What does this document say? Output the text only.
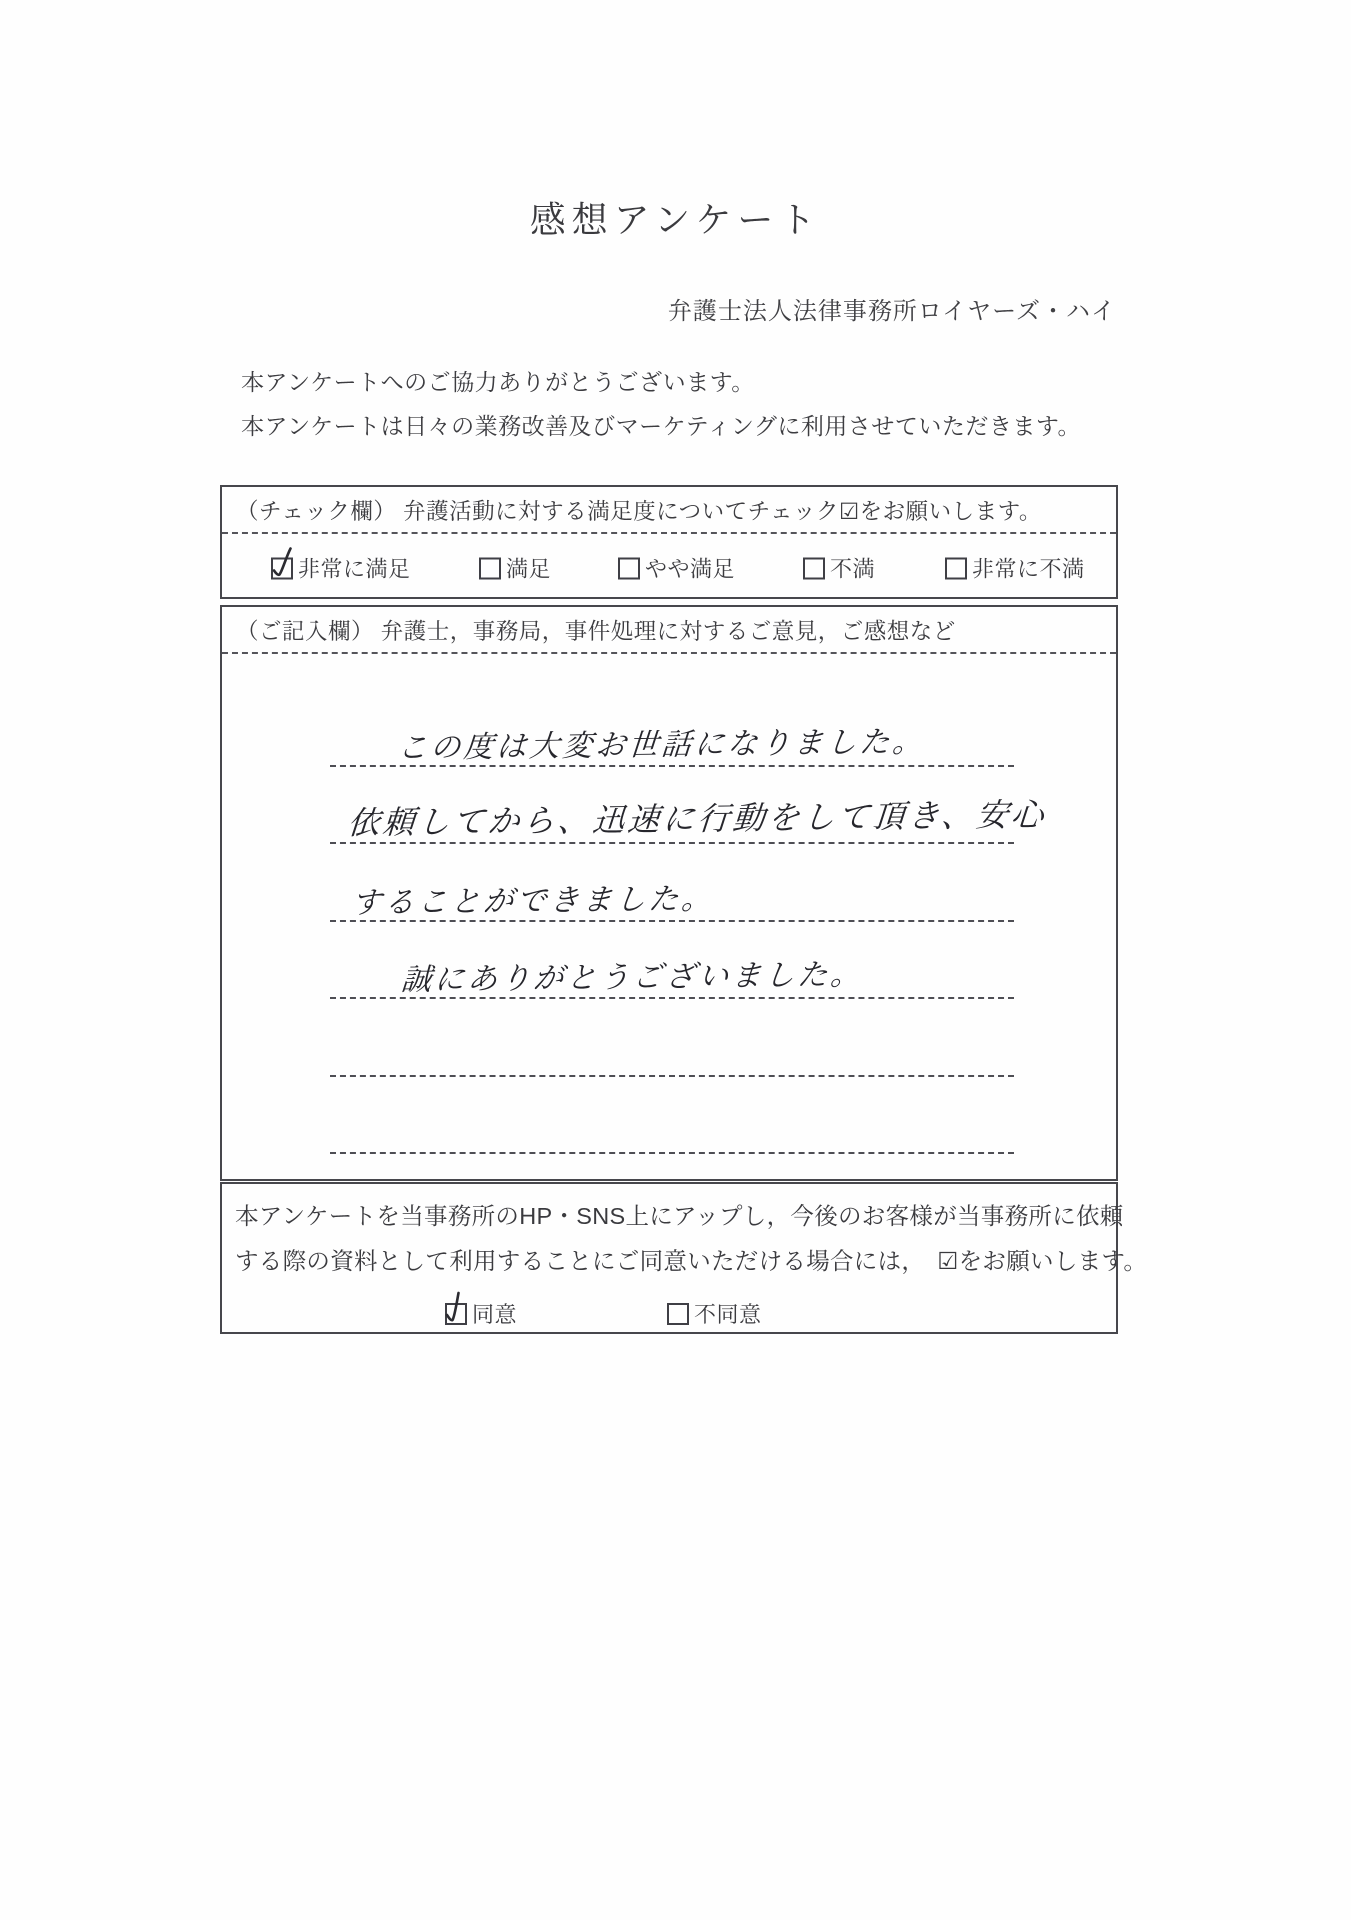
感想アンケート
弁護士法人法律事務所ロイヤーズ・ハイ
本アンケートへのご協力ありがとうございます。
本アンケートは日々の業務改善及びマーケティングに利用させていただきます。
（チェック欄） 弁護活動に対する満足度についてチェック☑をお願いします。
非常に満足	満足	やや満足	不満	非常に不満
（ご記入欄） 弁護士，事務局，事件処理に対するご意見，ご感想など
この度は大変お世話になりました。
依頼してから、迅速に行動をして頂き、安心
することができました。
誠にありがとうございました。
本アンケートを当事務所のHP・SNS上にアップし，今後のお客様が当事務所に依頼
する際の資料として利用することにご同意いただける場合には，　☑をお願いします。
同意	不同意
